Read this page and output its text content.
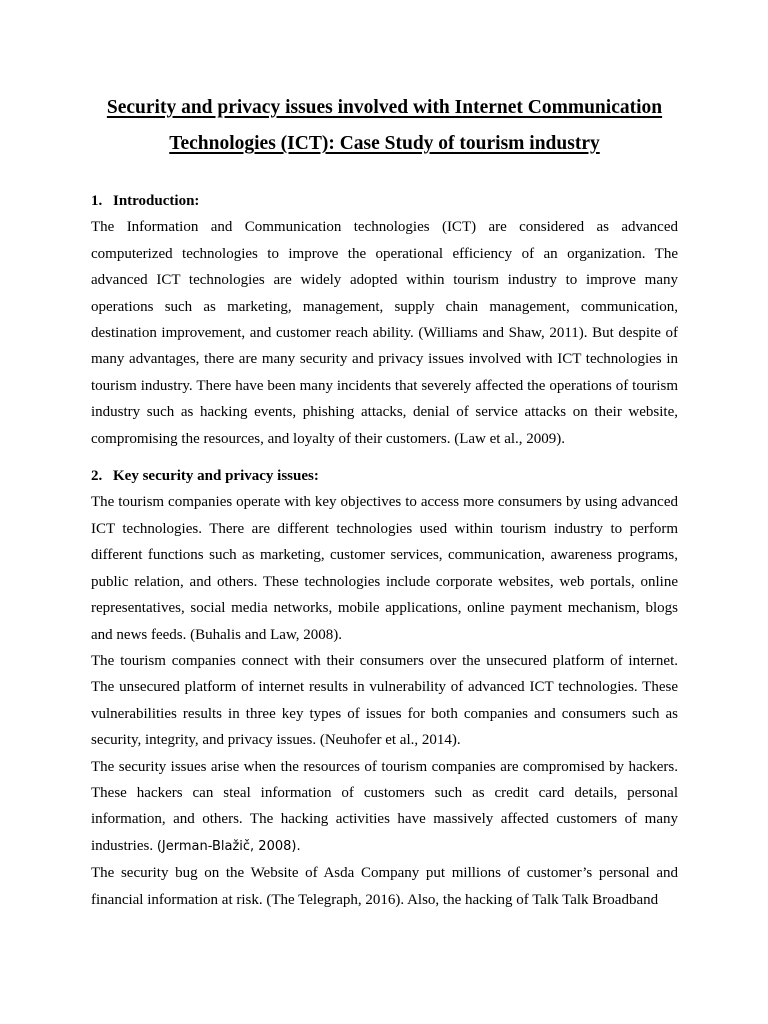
Security and privacy issues involved with Internet Communication
Technologies (ICT): Case Study of tourism industry

1. Introduction:

The Information and Communication technologies (ICT) are considered as advanced computerized technologies to improve the operational efficiency of an organization. The advanced ICT technologies are widely adopted within tourism industry to improve many operations such as marketing, management, supply chain management, communication, destination improvement, and customer reach ability. (Williams and Shaw, 2011). But despite of many advantages, there are many security and privacy issues involved with ICT technologies in tourism industry. There have been many incidents that severely affected the operations of tourism industry such as hacking events, phishing attacks, denial of service attacks on their website, compromising the resources, and loyalty of their customers. (Law et al., 2009).

2. Key security and privacy issues:

The tourism companies operate with key objectives to access more consumers by using advanced ICT technologies. There are different technologies used within tourism industry to perform different functions such as marketing, customer services, communication, awareness programs, public relation, and others. These technologies include corporate websites, web portals, online representatives, social media networks, mobile applications, online payment mechanism, blogs and news feeds. (Buhalis and Law, 2008).

The tourism companies connect with their consumers over the unsecured platform of internet. The unsecured platform of internet results in vulnerability of advanced ICT technologies. These vulnerabilities results in three key types of issues for both companies and consumers such as security, integrity, and privacy issues. (Neuhofer et al., 2014).

The security issues arise when the resources of tourism companies are compromised by hackers. These hackers can steal information of customers such as credit card details, personal information, and others. The hacking activities have massively affected customers of many industries. (Jerman-Blažič, 2008).

The security bug on the Website of Asda Company put millions of customer’s personal and financial information at risk. (The Telegraph, 2016). Also, the hacking of Talk Talk Broadband
